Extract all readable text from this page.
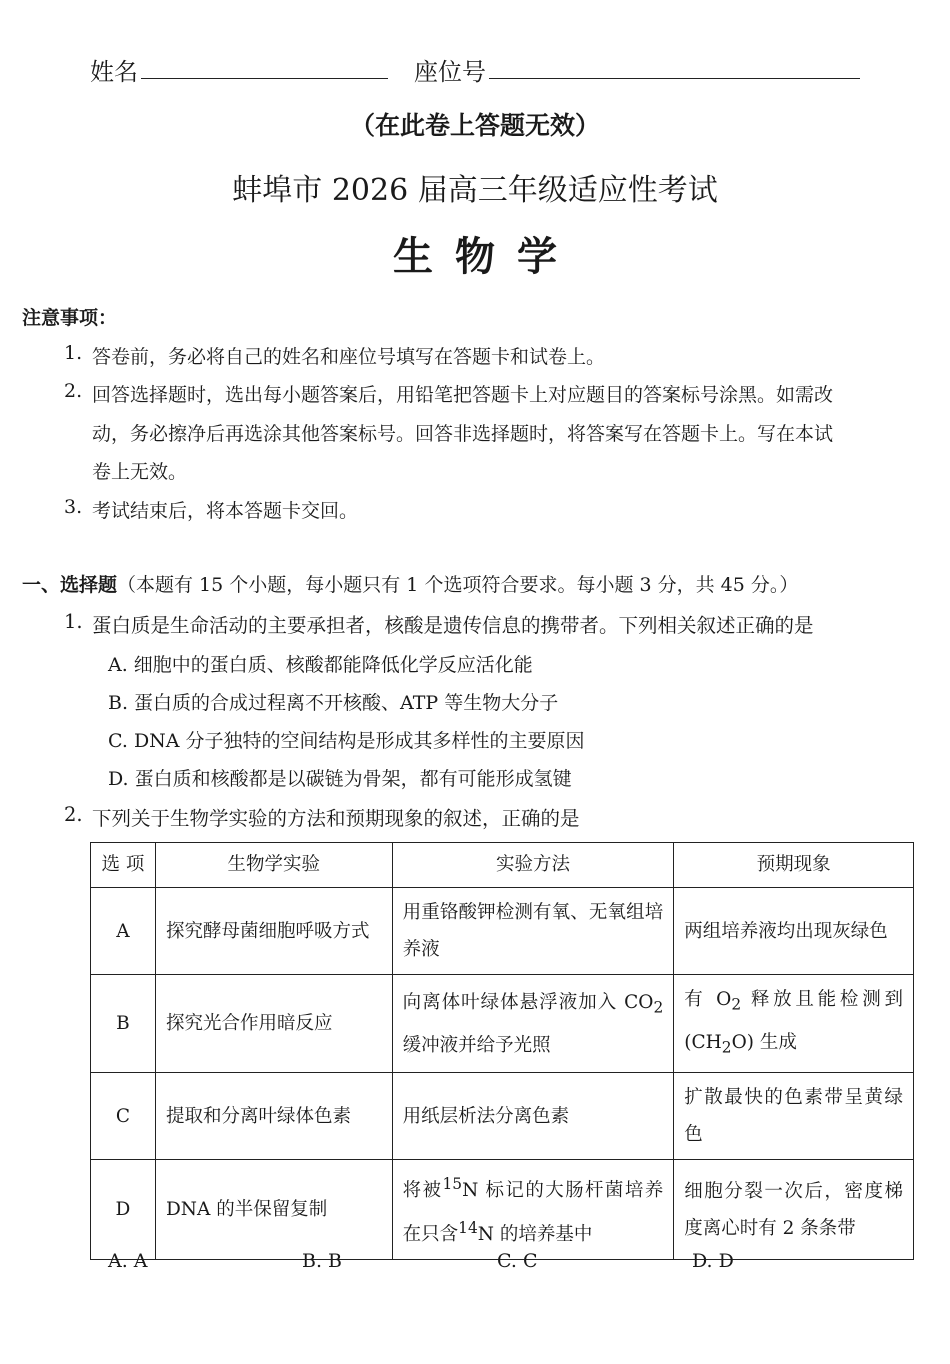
姓名	座位号
（在此卷上答题无效）
蚌埠市 2026 届高三年级适应性考试
生物学
注意事项：
1. 答卷前，务必将自己的姓名和座位号填写在答题卡和试卷上。
2. 回答选择题时，选出每小题答案后，用铅笔把答题卡上对应题目的答案标号涂黑。如需改
动，务必擦净后再选涂其他答案标号。回答非选择题时，将答案写在答题卡上。写在本试
卷上无效。
3. 考试结束后，将本答题卡交回。
一、选择题（本题有 15 个小题，每小题只有 1 个选项符合要求。每小题 3 分，共 45 分。）
1. 蛋白质是生命活动的主要承担者，核酸是遗传信息的携带者。下列相关叙述正确的是
A. 细胞中的蛋白质、核酸都能降低化学反应活化能
B. 蛋白质的合成过程离不开核酸、ATP 等生物大分子
C. DNA 分子独特的空间结构是形成其多样性的主要原因
D. 蛋白质和核酸都是以碳链为骨架，都有可能形成氢键
2. 下列关于生物学实验的方法和预期现象的叙述，正确的是
选 项	生物学实验	实验方法	预期现象
A	探究酵母菌细胞呼吸方式	用重铬酸钾检测有氧、无氧组培养液	两组培养液均出现灰绿色
B	探究光合作用暗反应	向离体叶绿体悬浮液加入 $CO_2$ 缓冲液并给予光照	有 $O_2$ 释放且能检测到 $(CH_2O)$ 生成
C	提取和分离叶绿体色素	用纸层析法分离色素	扩散最快的色素带呈黄绿色
D	DNA 的半保留复制	将被$^{15}$N 标记的大肠杆菌培养在只含$^{14}$N 的培养基中	细胞分裂一次后，密度梯度离心时有 2 条条带
A. A	B. B	C. C	D. D
